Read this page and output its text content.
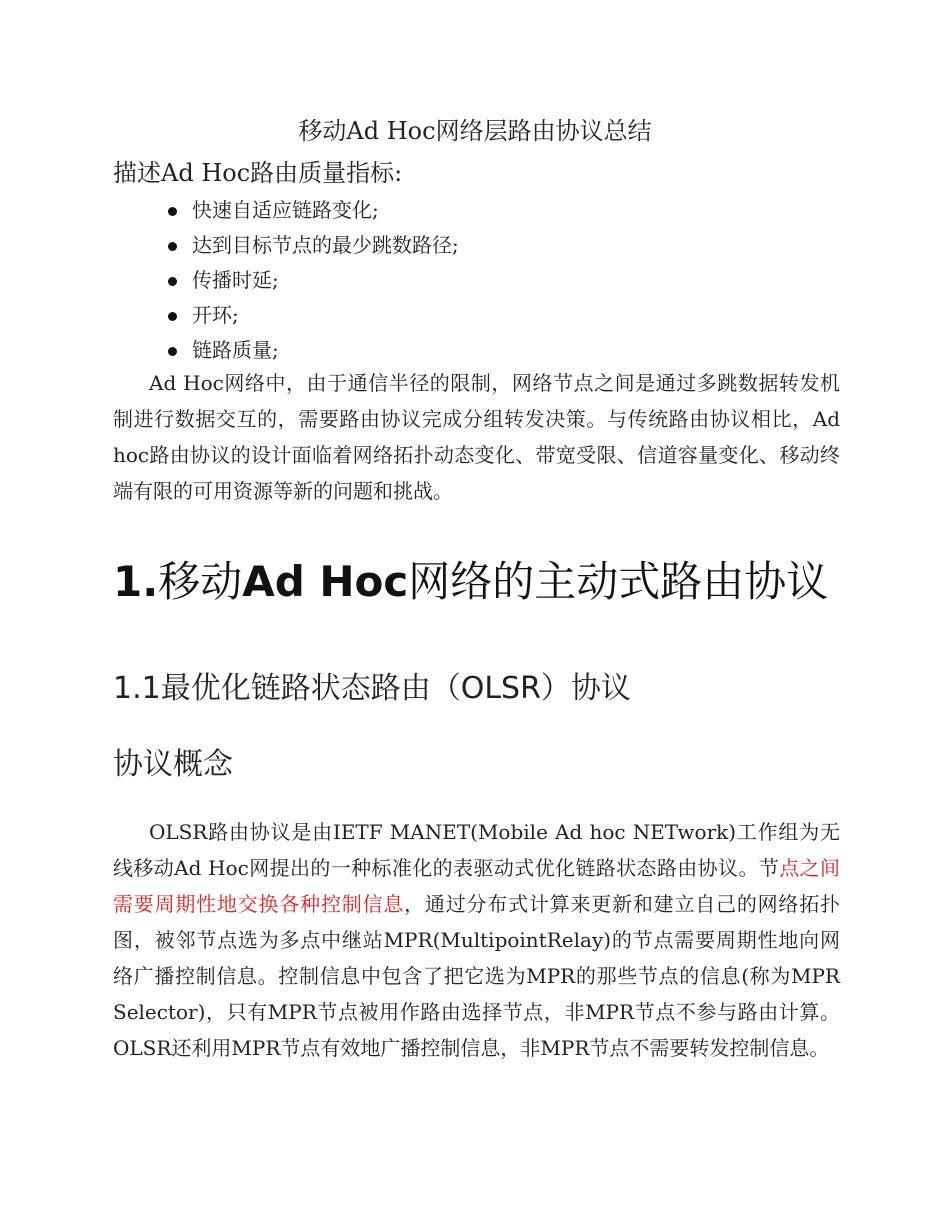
移动Ad Hoc网络层路由协议总结

描述Ad Hoc路由质量指标:

快速自适应链路变化;
达到目标节点的最少跳数路径;
传播时延;
开环;
链路质量;

Ad Hoc网络中，由于通信半径的限制，网络节点之间是通过多跳数据转发机制进行数据交互的，需要路由协议完成分组转发决策。与传统路由协议相比，Ad hoc路由协议的设计面临着网络拓扑动态变化、带宽受限、信道容量变化、移动终端有限的可用资源等新的问题和挑战。

1.移动Ad Hoc网络的主动式路由协议
1.1最优化链路状态路由（OLSR）协议
协议概念

OLSR路由协议是由IETF MANET(Mobile Ad hoc NETwork)工作组为无线移动Ad Hoc网提出的一种标准化的表驱动式优化链路状态路由协议。节点之间需要周期性地交换各种控制信息，通过分布式计算来更新和建立自己的网络拓扑图，被邻节点选为多点中继站MPR(MultipointRelay)的节点需要周期性地向网络广播控制信息。控制信息中包含了把它选为MPR的那些节点的信息(称为MPR Selector)，只有MPR节点被用作路由选择节点，非MPR节点不参与路由计算。OLSR还利用MPR节点有效地广播控制信息，非MPR节点不需要转发控制信息。
